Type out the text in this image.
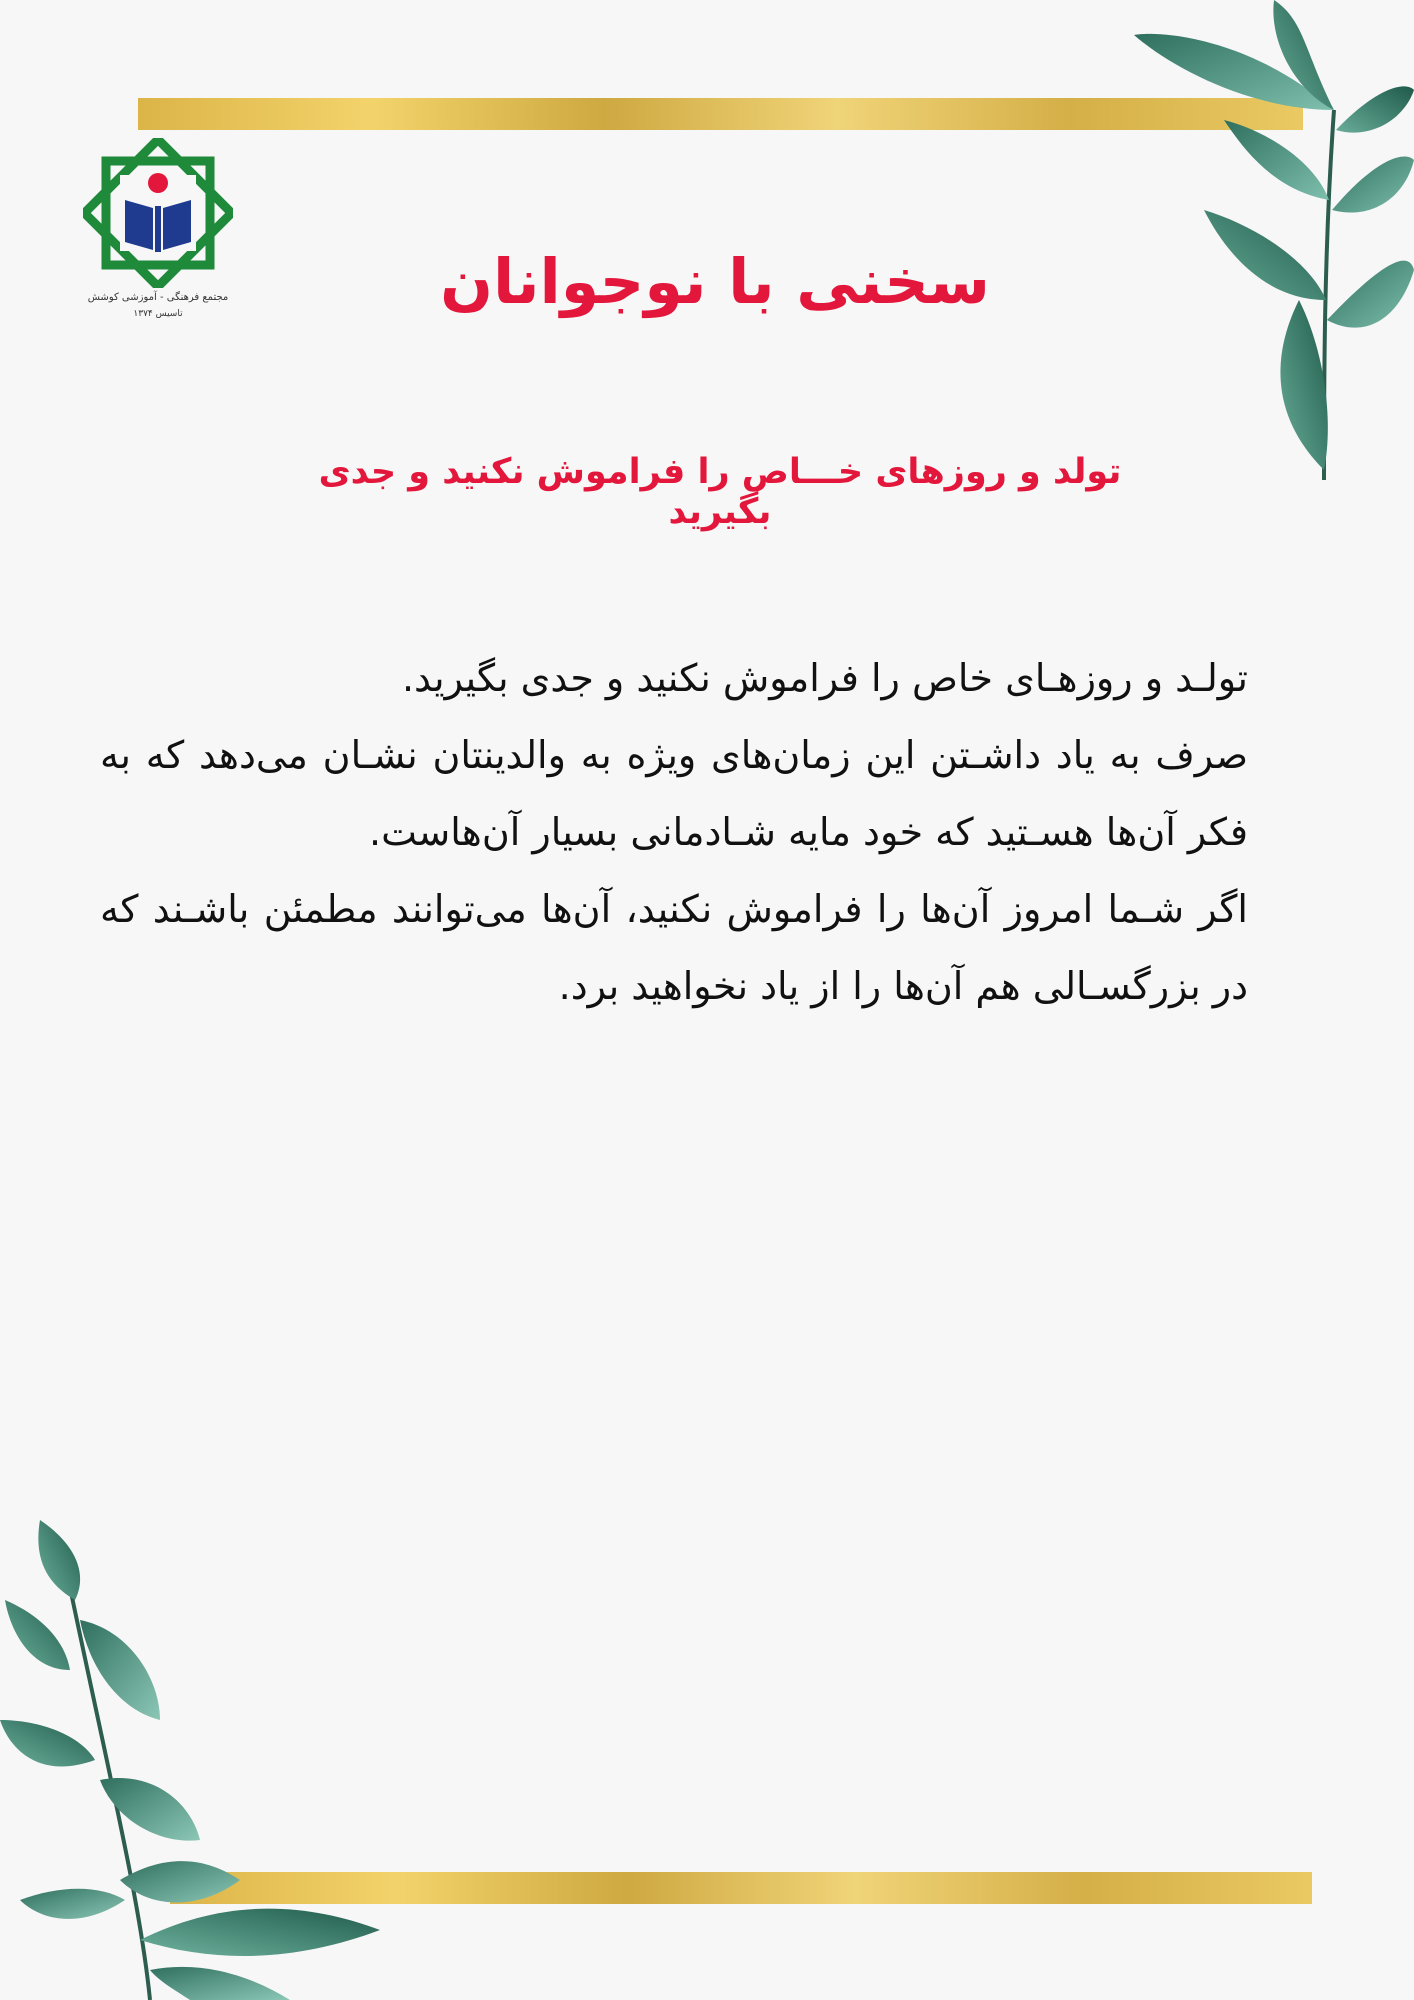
مجتمع فرهنگی - آموزشی کوشش
تاسیس ۱۳۷۴	سخنی با نوجوانان
تولد و روزهای خـــاص را فراموش نکنید و جدی بگیرید

تولـد و روزهـای خاص را فراموش نکنید و جدی بگیرید.

صرف به یاد داشـتن این زمان‌های ویژه به والدینتان نشـان می‌دهد که به فکر آن‌ها هسـتید که خود مایه شـادمانی بسیار آن‌هاست.

اگر شـما امروز آن‌ها را فراموش نکنید، آن‌ها می‌توانند مطمئن باشـند که در بزرگسـالی هم آن‌ها را از یاد نخواهید برد.
